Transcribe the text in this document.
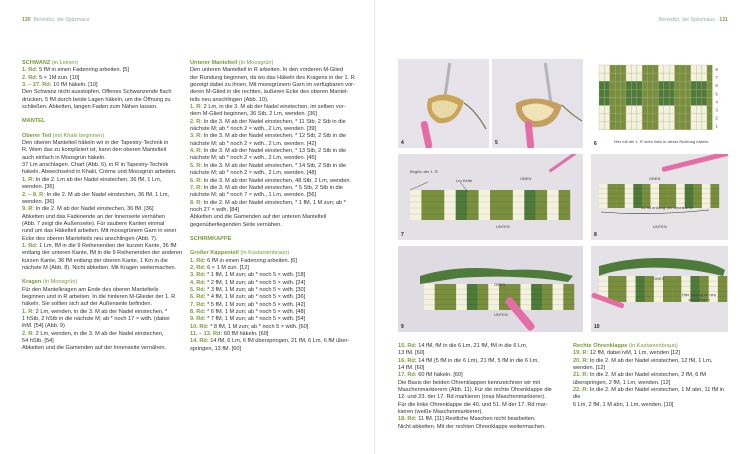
130 Benedict, die Spitzmaus

SCHWANZ (in Leinen)

1. Rd: 5 fM in einen Fadenring arbeiten. [5]

2. Rd: 5 × 1M zun. [10]

3. – 27. Rd: 10 fM häkeln. [10]

Den Schwanz nicht ausstopfen. Offenes Schwanzende flach

drücken, 5 fM durch beide Lagen häkeln, um die Öffnung zu

schließen. Abketten, langen Faden zum Nähen lassen.

MANTEL

Oberer Teil (mit Khaki beginnen)

Den oberen Mantelteil häkeln wir in der Tapestry-Technik in

R. Wem das zu kompliziert ist, kann den oberen Mantelteil

auch einfach in Moosgrün häkeln.

37 Lm anschlagen. Chart (Abb. 6), in R in Tapestry-Technik

häkeln. Abwechselnd in Khaki, Crème und Moosgrün arbeiten.

1. R: In die 2. Lm ab der Nadel einstechen, 36 fM, 1 Lm,

wenden. [36]

2. – 8. R: In die 2. M ab der Nadel einstechen, 36 fM, 1 Lm,

wenden. [36]

9. R: In die 2. M ab der Nadel einstechen, 36 fM. [36]

Abketten und das Fadenende an der Innenseite vernähen

(Abb. 7 zeigt die Außenseite). Für saubere Kanten einmal

rund um das Häkelteil arbeiten. Mit moosgrünem Garn in einer

Ecke des oberen Mantelteils neu anschlingen (Abb. 7).

1. Rd: 1 Lm, fM in die 9 Reihenenden der kurzen Kante, 36 fM

entlang der unteren Kante, fM in die 9 Reihenenden der anderen

kurzen Kante, 36 fM entlang der oberen Kante, 1 Km in die

nächste M (Abb. 8). Nicht abketten. Mit Kragen weitermachen.

Kragen (in Moosgrün)

Für den Mantelkragen am Ende des oberen Mantelteils

beginnen und in R arbeiten. In die hinteren M-Glieder der 1. R

häkeln. Sie sollten sich auf der Außenseite befinden.

1. R: 2 Lm, wenden, in die 3. M ab der Nadel einstechen, *

1 hStb, 2 hStb in die nächste M; ab * noch 17 × wdh. (dabei

ihM. [54] (Abb. 9)

2. R: 2 Lm, wenden, in die 3. M ab der Nadel einstechen,

54 hStb. [54]

Abketten und die Gamenden auf der Innenseite vernähen.

Unterer Mantelteil (in Moosgrün)

Den unteren Mantelteil in R arbeiten. In den vorderen M-Glied

der Rundung beginnen, da wo das Häkeln des Kragens in der 1. R

gezeigt dabei zu ihnen. Mit moosgrünem Garn im verfügbaren vor-

deren M-Glied in die rechten, äußeren Ecke des oberen Mantel-

teils neu anschlingen (Abb. 10).

1. R: 2 Lm, in die 3. M ab der Nadel einstechen, im selben vor-

dern M-Glied beginnen, 36 Stb, 2 Lm, wenden. [36]

2. R: In die 3. M ab der Nadel einstechen, * 11 Stb, 2 Stb in die

nächste M; ab * noch 2 × wdh., 2 Lm, wenden. [39]

3. R: In die 3. M ab der Nadel einstechen, * 12 Stb, 2 Stb in die

nächste M; ab * noch 2 × wdh., 2 Lm, wenden. [42]

4. R: In die 3. M ab der Nadel einstechen, * 13 Stb, 2 Stb in die

nächste M; ab * noch 2 × wdh., 2 Lm, wenden. [45]

5. R: In die 3. M ab der Nadel einstechen, * 14 Stb, 2 Stb in die

nächste M; ab * noch 2 × wdh., 2 Lm, wenden. [48]

6. R: In die 3. M ab der Nadel einstechen, 48 Stb, 2 Lm, wenden.

7. R: In die 3. M ab der Nadel einstechen, * 5 Stb, 2 Stb in die

nächste M; ab * noch 7 × wdh., 1 Lm, wenden. [56]

8. R: In die 2. M ab der Nadel einstechen, * 1 fM, 1 M zun; ab *

noch 27 × wdh. [84]

Abketten und die Gamenden auf der unteren Mantelteil

gegenüberliegenden Seite vernähen.

SCHIRMKAPPE

Großer Kappenteil (in Kastanienbraun)

1. Rd: 6 fM in einen Fadenring arbeiten. [6]

2. Rd: 6 × 1 M zun. [12]

3. Rd: * 1 fM, 1 M zun; ab * noch 5 × wdh. [18]

4. Rd: * 2 fM, 1 M zun; ab * noch 5 × wdh. [24]

5. Rd: * 3 fM, 1 M zun; ab * noch 5 × wdh. [30]

6. Rd: * 4 fM, 1 M zun; ab * noch 5 × wdh. [36]

7. Rd: * 5 fM, 1 M zun; ab * noch 5 × wdh. [42]

8. Rd: * 6 fM, 1 M zun; ab * noch 5 × wdh. [48]

9. Rd: * 7 fM, 1 M zun; ab * noch 5 × wdh. [54]

10. Rd: * 8 fM, 1 M zun; ab * noch 5 × wdh. [60]

11. – 13. Rd: 60 fM häkeln. [60]

14. Rd: 14 fM, 6 Lm, 6 fM überspringen, 21 fM, 6 Lm, 6 fM über-

springen, 13 fM. [60]

Benedict, die Spitzmaus 131
4	5
8
7
6
5
4
3
2
1
Hier mit der 1. R oben links in dieser Richtung häkeln.
6
Beginn der 1. R
Lm-Kette	OBEN
UNTEN
7
OBEN
36 fM entlang der Unterkante
UNTEN
8
OBEN
UNTEN
9
Hier Moosgrün neu anschlingen
OBEN
10

15. Rd: 14 fM, fM in die 6 Lm, 21 fM, fM in die 6 Lm,

13 fM. [60]

16. Rd: 14 fM (5 fM in die 6 Lm), 21 fM, 5 fM in die 6 Lm,

14 fM. [60]

17. Rd: 60 fM häkeln. [60]

Die Basis der beiden Ohrenklappen kennzeichnen wir mit

Maschenmarkierern (Abb. 11). Für die rechte Ohrenklappe die

12. und 23. der 17. Rd markieren (rosa Maschenmarkierer).

Für die linke Ohrenklappe die 40. und 51. M der 17. Rd mar-

kieren (weiße Maschenmarkierer).

18. Rd: 11 fM. [11] Restliche Maschen nicht bearbeiten.

Nicht abketten. Mit der rechten Ohrenklappe weitermachen.

Rechte Ohrenklappe (in Kastanienbraun)

19. R: 12 fM, dabei ivM, 1 Lm, wenden [12]

20. R: In die 2. M ab der Nadel einstechen, 12 fM, 1 Lm,

wenden. [12]

21. R: In die 2. M ab der Nadel einstechen, 2 fM, 6 fM

überspringen, 2 fM, 1 Lm, wenden. [12]

22. R: In die 2. M ab der Nadel einstechen, 1 M abn, 11 fM in die

6 Lm, 2 fM, 1 M abn, 1 Lm, wenden. [10]
